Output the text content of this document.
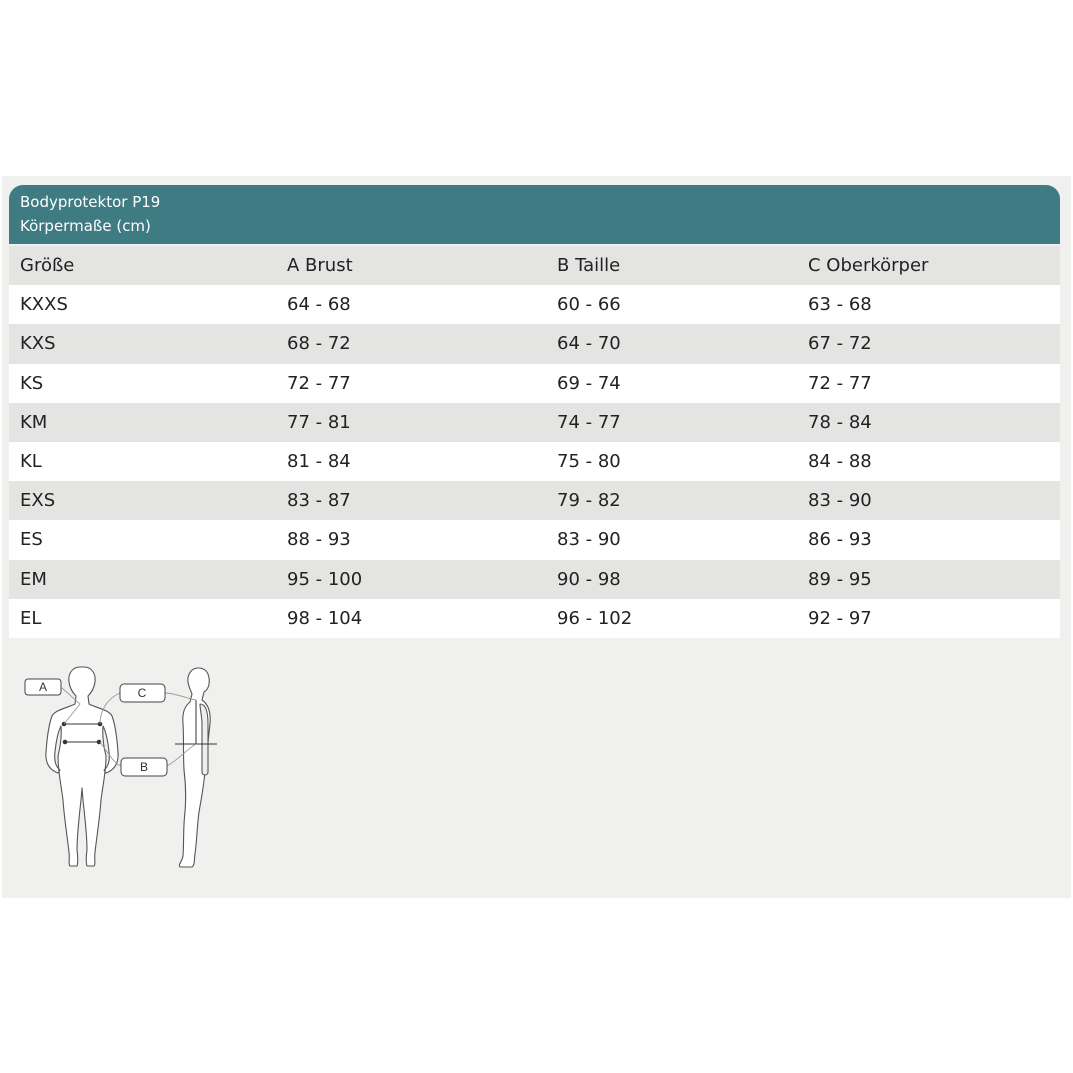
Bodyprotektor P19
Körpermaße (cm)
Größe	A Brust	B Taille	C Oberkörper
KXXS	64 - 68	60 - 66	63 - 68
KXS	68 - 72	64 - 70	67 - 72
KS	72 - 77	69 - 74	72 - 77
KM	77 - 81	74 - 77	78 - 84
KL	81 - 84	75 - 80	84 - 88
EXS	83 - 87	79 - 82	83 - 90
ES	88 - 93	83 - 90	86 - 93
EM	95 - 100	90 - 98	89 - 95
EL	98 - 104	96 - 102	92 - 97
A	C
B
